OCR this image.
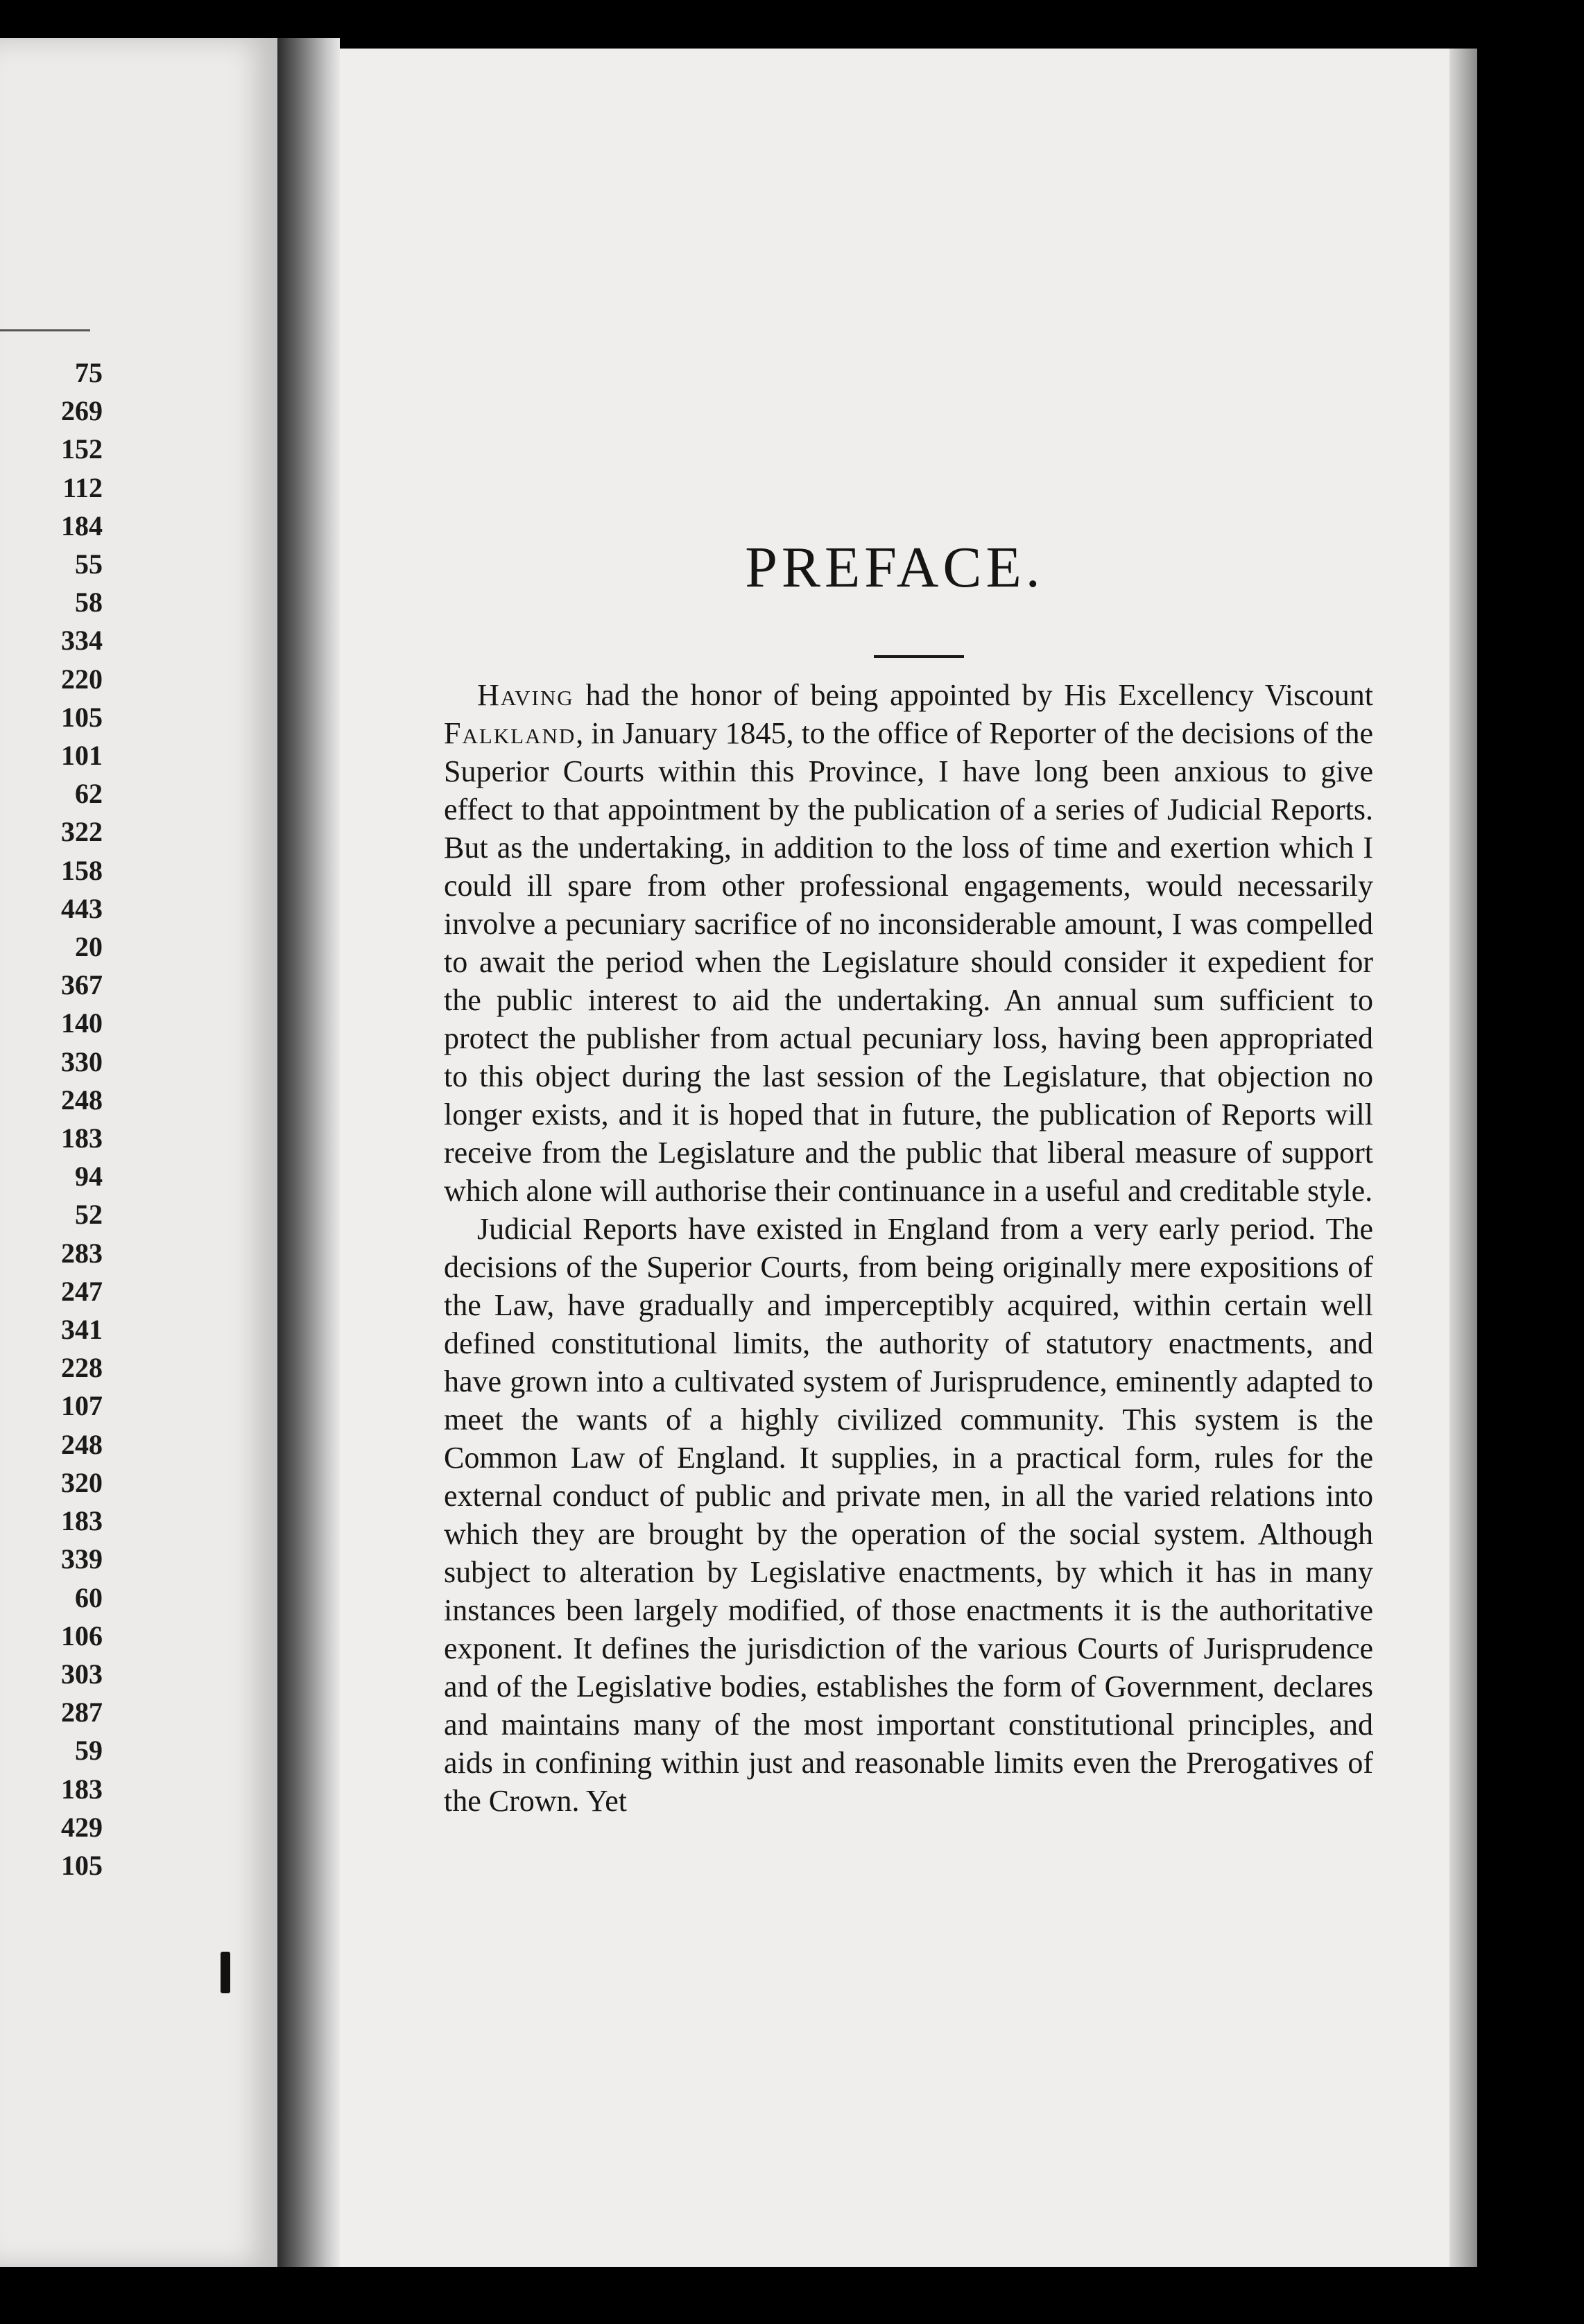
75
269
152
112
184
55
58
334
220
105
101
62
322
158
443
20
367
140
330
248
183
94
52
283
247
341
228
107
248
320
183
339
60
106
303
287
59
183
429
105
PREFACE.

Having had the honor of being appointed by His Excellency Viscount Falkland, in January 1845, to the office of Reporter of the decisions of the Superior Courts within this Province, I have long been anxious to give effect to that appointment by the publication of a series of Judicial Reports. But as the undertaking, in addition to the loss of time and exertion which I could ill spare from other professional engagements, would necessarily involve a pecuniary sacrifice of no inconsiderable amount, I was compelled to await the period when the Legislature should consider it expedient for the public interest to aid the undertaking. An annual sum sufficient to protect the publisher from actual pecuniary loss, having been appropriated to this object during the last session of the Legislature, that objection no longer exists, and it is hoped that in future, the publication of Reports will receive from the Legislature and the public that liberal measure of support which alone will authorise their continuance in a useful and creditable style.

Judicial Reports have existed in England from a very early period. The decisions of the Superior Courts, from being originally mere expositions of the Law, have gradually and imperceptibly acquired, within certain well defined constitutional limits, the authority of statutory enactments, and have grown into a cultivated system of Jurisprudence, eminently adapted to meet the wants of a highly civilized community. This system is the Common Law of England. It supplies, in a practical form, rules for the external conduct of public and private men, in all the varied relations into which they are brought by the operation of the social system. Although subject to alteration by Legislative enactments, by which it has in many instances been largely modified, of those enactments it is the authoritative exponent. It defines the jurisdiction of the various Courts of Jurisprudence and of the Legislative bodies, establishes the form of Government, declares and maintains many of the most important constitutional principles, and aids in confining within just and reasonable limits even the Prerogatives of the Crown. Yet
